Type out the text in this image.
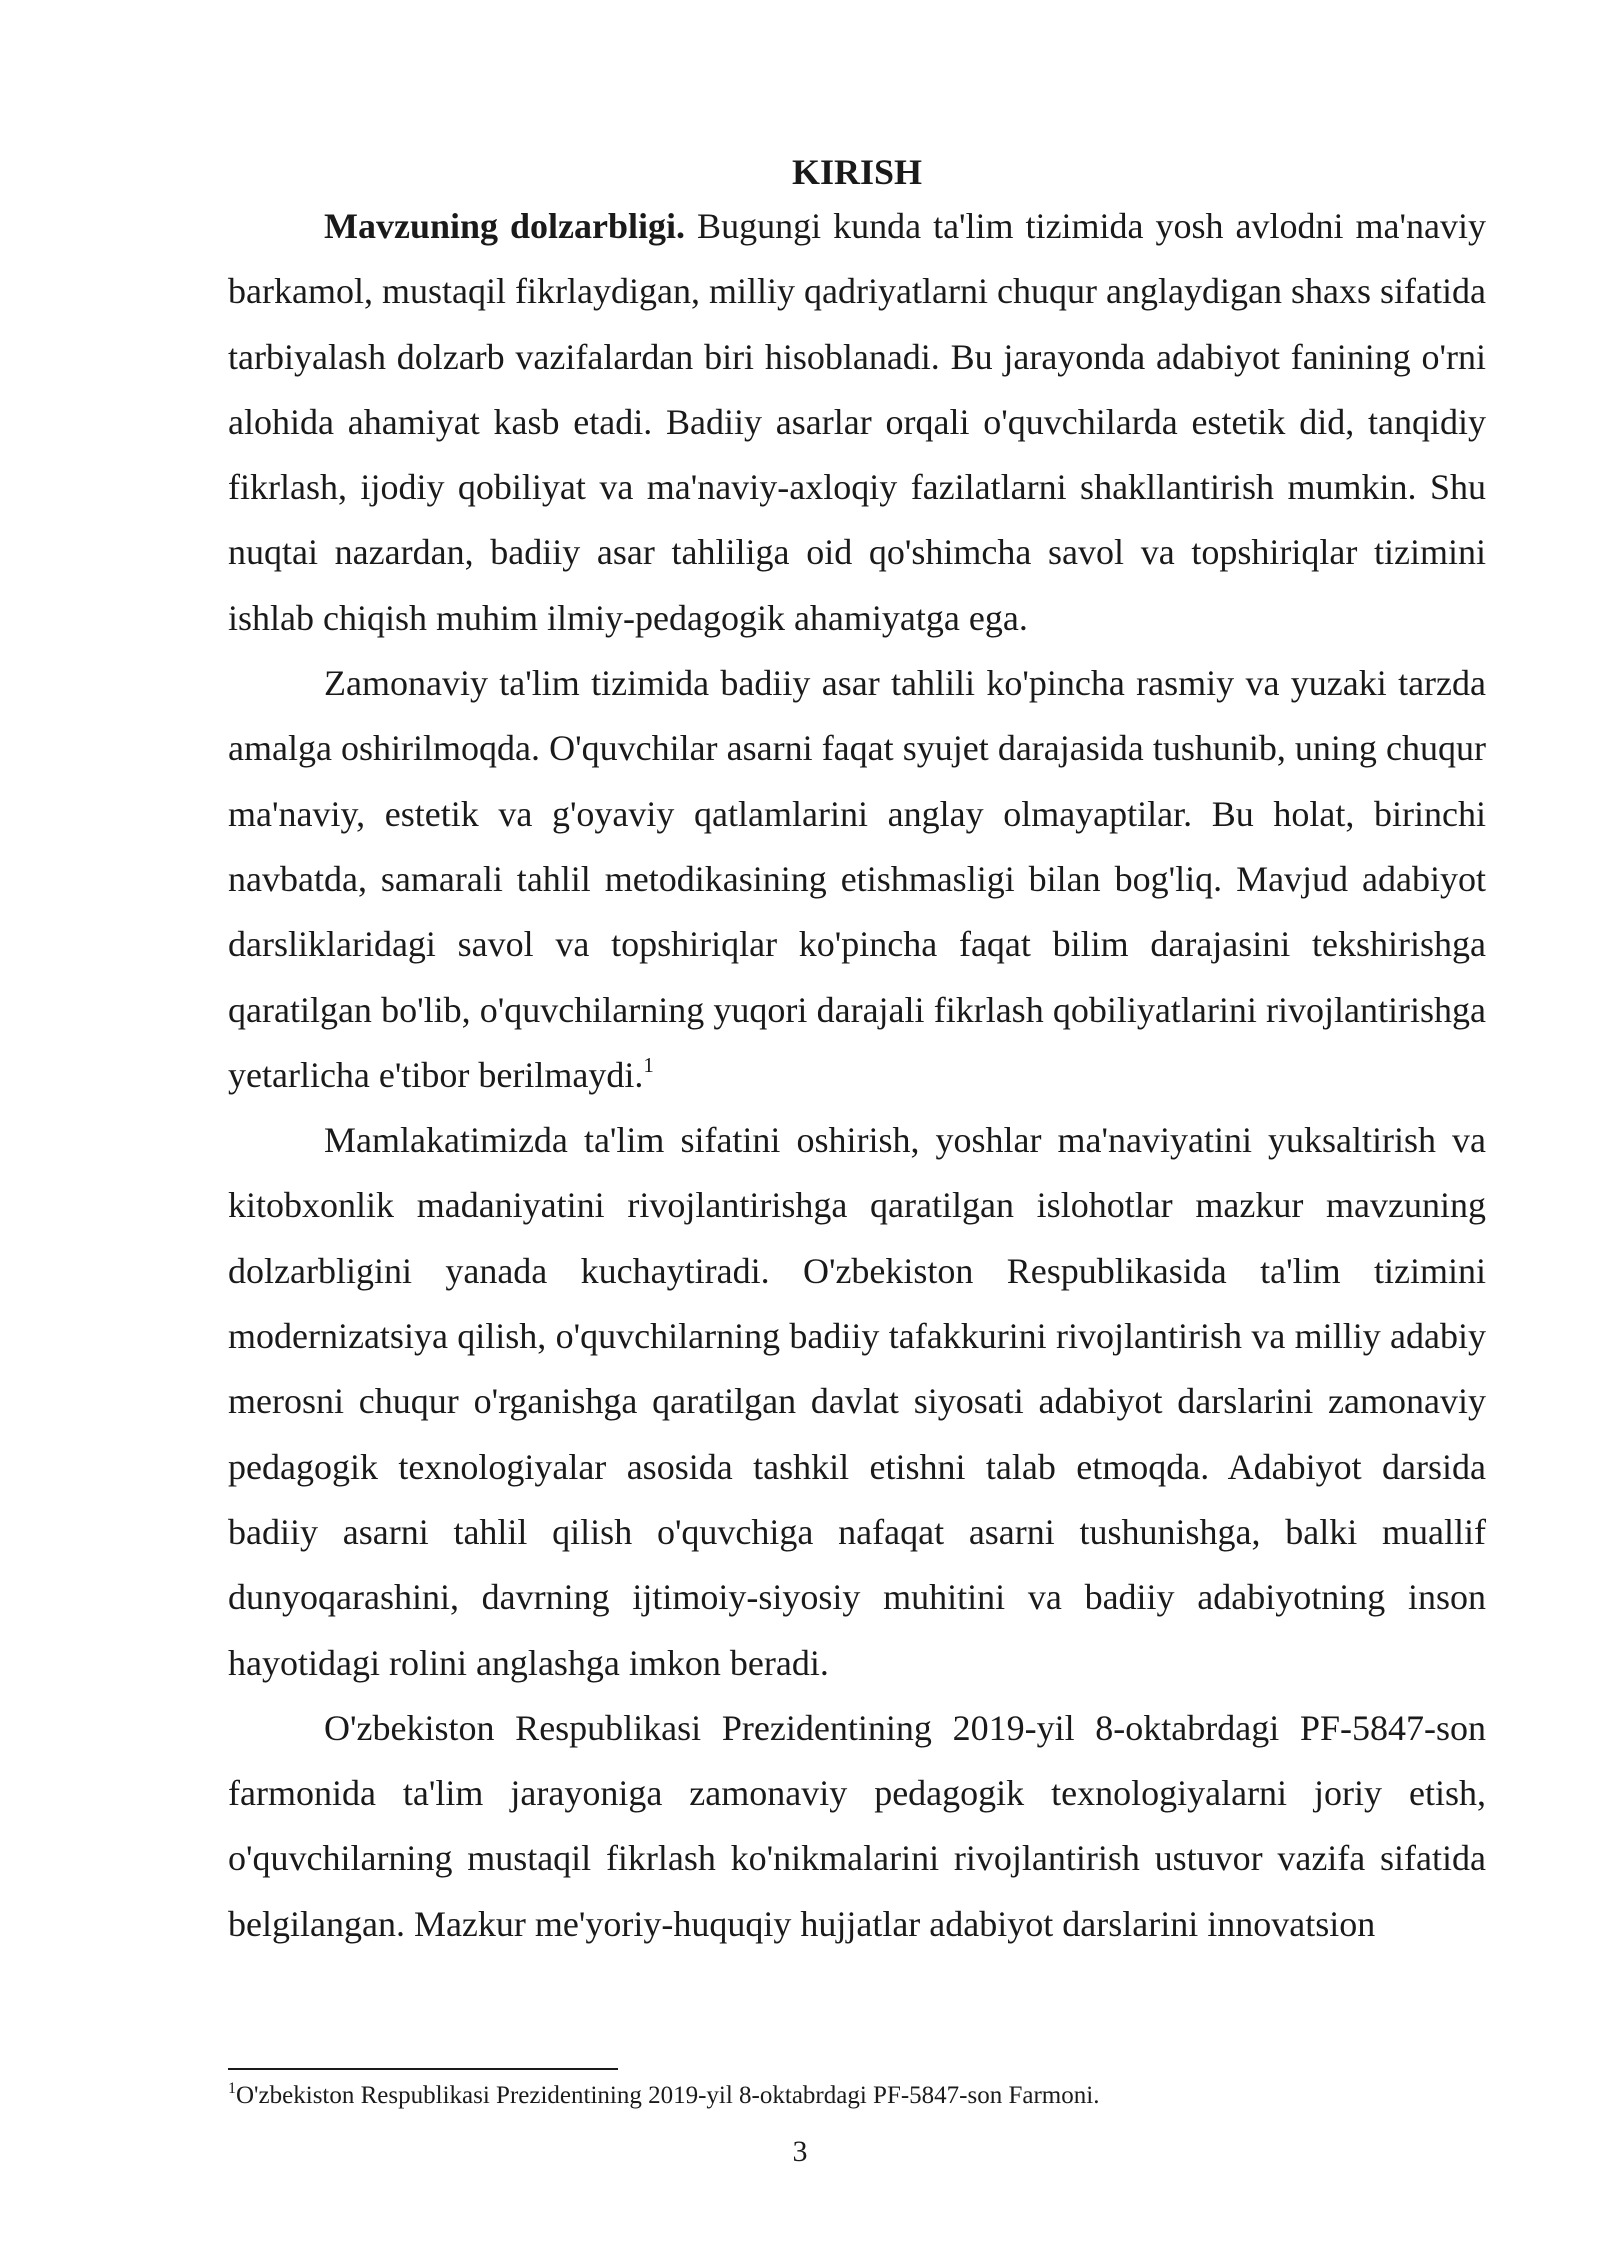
KIRISH

Mavzuning dolzarbligi. Bugungi kunda ta'lim tizimida yosh avlodni ma'naviy barkamol, mustaqil fikrlaydigan, milliy qadriyatlarni chuqur anglaydigan shaxs sifatida tarbiyalash dolzarb vazifalardan biri hisoblanadi. Bu jarayonda adabiyot fanining o'rni alohida ahamiyat kasb etadi. Badiiy asarlar orqali o'quvchilarda estetik did, tanqidiy fikrlash, ijodiy qobiliyat va ma'naviy-axloqiy fazilatlarni shakllantirish mumkin. Shu nuqtai nazardan, badiiy asar tahliliga oid qo'shimcha savol va topshiriqlar tizimini ishlab chiqish muhim ilmiy-pedagogik ahamiyatga ega.

Zamonaviy ta'lim tizimida badiiy asar tahlili ko'pincha rasmiy va yuzaki tarzda amalga oshirilmoqda. O'quvchilar asarni faqat syujet darajasida tushunib, uning chuqur ma'naviy, estetik va g'oyaviy qatlamlarini anglay olmayaptilar. Bu holat, birinchi navbatda, samarali tahlil metodikasining etishmasligi bilan bog'liq. Mavjud adabiyot darsliklaridagi savol va topshiriqlar ko'pincha faqat bilim darajasini tekshirishga qaratilgan bo'lib, o'quvchilarning yuqori darajali fikrlash qobiliyatlarini rivojlantirishga yetarlicha e'tibor berilmaydi.$^1$

Mamlakatimizda ta'lim sifatini oshirish, yoshlar ma'naviyatini yuksaltirish va kitobxonlik madaniyatini rivojlantirishga qaratilgan islohotlar mazkur mavzuning dolzarbligini yanada kuchaytiradi. O'zbekiston Respublikasida ta'lim tizimini modernizatsiya qilish, o'quvchilarning badiiy tafakkurini rivojlantirish va milliy adabiy merosni chuqur o'rganishga qaratilgan davlat siyosati adabiyot darslarini zamonaviy pedagogik texnologiyalar asosida tashkil etishni talab etmoqda. Adabiyot darsida badiiy asarni tahlil qilish o'quvchiga nafaqat asarni tushunishga, balki muallif dunyoqarashini, davrning ijtimoiy-siyosiy muhitini va badiiy adabiyotning inson hayotidagi rolini anglashga imkon beradi.

O'zbekiston Respublikasi Prezidentining 2019-yil 8-oktabrdagi PF-5847-son farmonida ta'lim jarayoniga zamonaviy pedagogik texnologiyalarni joriy etish, o'quvchilarning mustaqil fikrlash ko'nikmalarini rivojlantirish ustuvor vazifa sifatida belgilangan. Mazkur me'yoriy-huquqiy hujjatlar adabiyot darslarini innovatsion

$^1$O'zbekiston Respublikasi Prezidentining 2019-yil 8-oktabrdagi PF-5847-son Farmoni.

3
